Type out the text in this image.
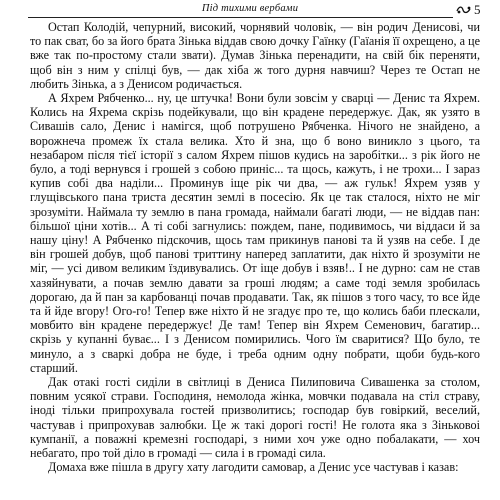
Під тихими вербами	5

Остап Колодій, чепурний, високий, чорнявий чоловік, — він родич Денисові, чи то пак сват, бо за його брата Зінька віддав свою дочку Гаїнку (Гаїанія її охрещено, а це вже так по-простому стали звати). Думав Зінька перенадити, на свій бік переняти, щоб він з ним у спілці був, — дак хіба ж того дурня навчиш? Через те Остап не любить Зінька, а з Денисом родичається.

А Яхрем Рябченко... ну, це штучка! Вони були зовсім у сварці — Денис та Яхрем. Колись на Яхрема скрізь подейкували, що він крадене передержує. Дак, як узято в Сивашів сало, Денис і намігся, щоб потрушено Рябченка. Нічого не знайдено, а ворожнеча промеж їх стала велика. Хто й зна, що б воно виникло з цього, та незабаром після тієї історії з салом Яхрем пішов кудись на заробітки... з рік його не було, а тоді вернувся і грошей з собою приніс... та щось, кажуть, і не трохи... І зараз купив собі два наділи... Проминув іще рік чи два, — аж гульк! Яхрем узяв у глущівського пана триста десятин землі в посесію. Як це так сталося, ніхто не міг зрозуміти. Наймала ту землю в пана громада, наймали багаті люди, — не віддав пан: більшої ціни хотів... А ті собі загнулись: пождем, пане, подивимось, чи віддаси й за нашу ціну! А Рябченко підскочив, щось там прикинув панові та й узяв на себе. І де він грошей добув, щоб панові триттину наперед заплатити, дак ніхто й зрозуміти не міг, — усі дивом великим їздивувались. От іще добув і взяв!.. І не дурно: сам не став хазяйнувати, а почав землю давати за гроші людям; а саме тоді земля зробилась дорогаю, да й пан за карбованці почав продавати. Так, як пішов з того часу, то все йде та й йде вгору! Ого-го! Тепер вже ніхто й не згадує про те, що колись баби плескали, мовбито він крадене передержує! Де там! Тепер він Яхрем Семенович, багатир... скрізь у купанні буває... І з Денисом помирились. Чого їм сваритися? Що було, те минуло, а з сваркі добра не буде, і треба одним одну побрати, щоби будь-кого старший.

Дак отакі гості сиділи в світлиці в Дениса Пилиповича Сивашенка за столом, повним усякої страви. Господиня, немолода жінка, мовчки подавала на стіл страву, іноді тільки припрохувала гостей призволитись; господар був говіркий, веселий, частував і припрохував залюбки. Це ж такі дорогі гості! Не голота яка з Зіньковоі кумпанії, а поважні кремезні господарі, з ними хоч уже одно побалакати, — хоч небагато, про той діло в громаді — сила і в громаді сила.

Домаха вже пішла в другу хату лагодити самовар, а Денис усе частував і казав:
